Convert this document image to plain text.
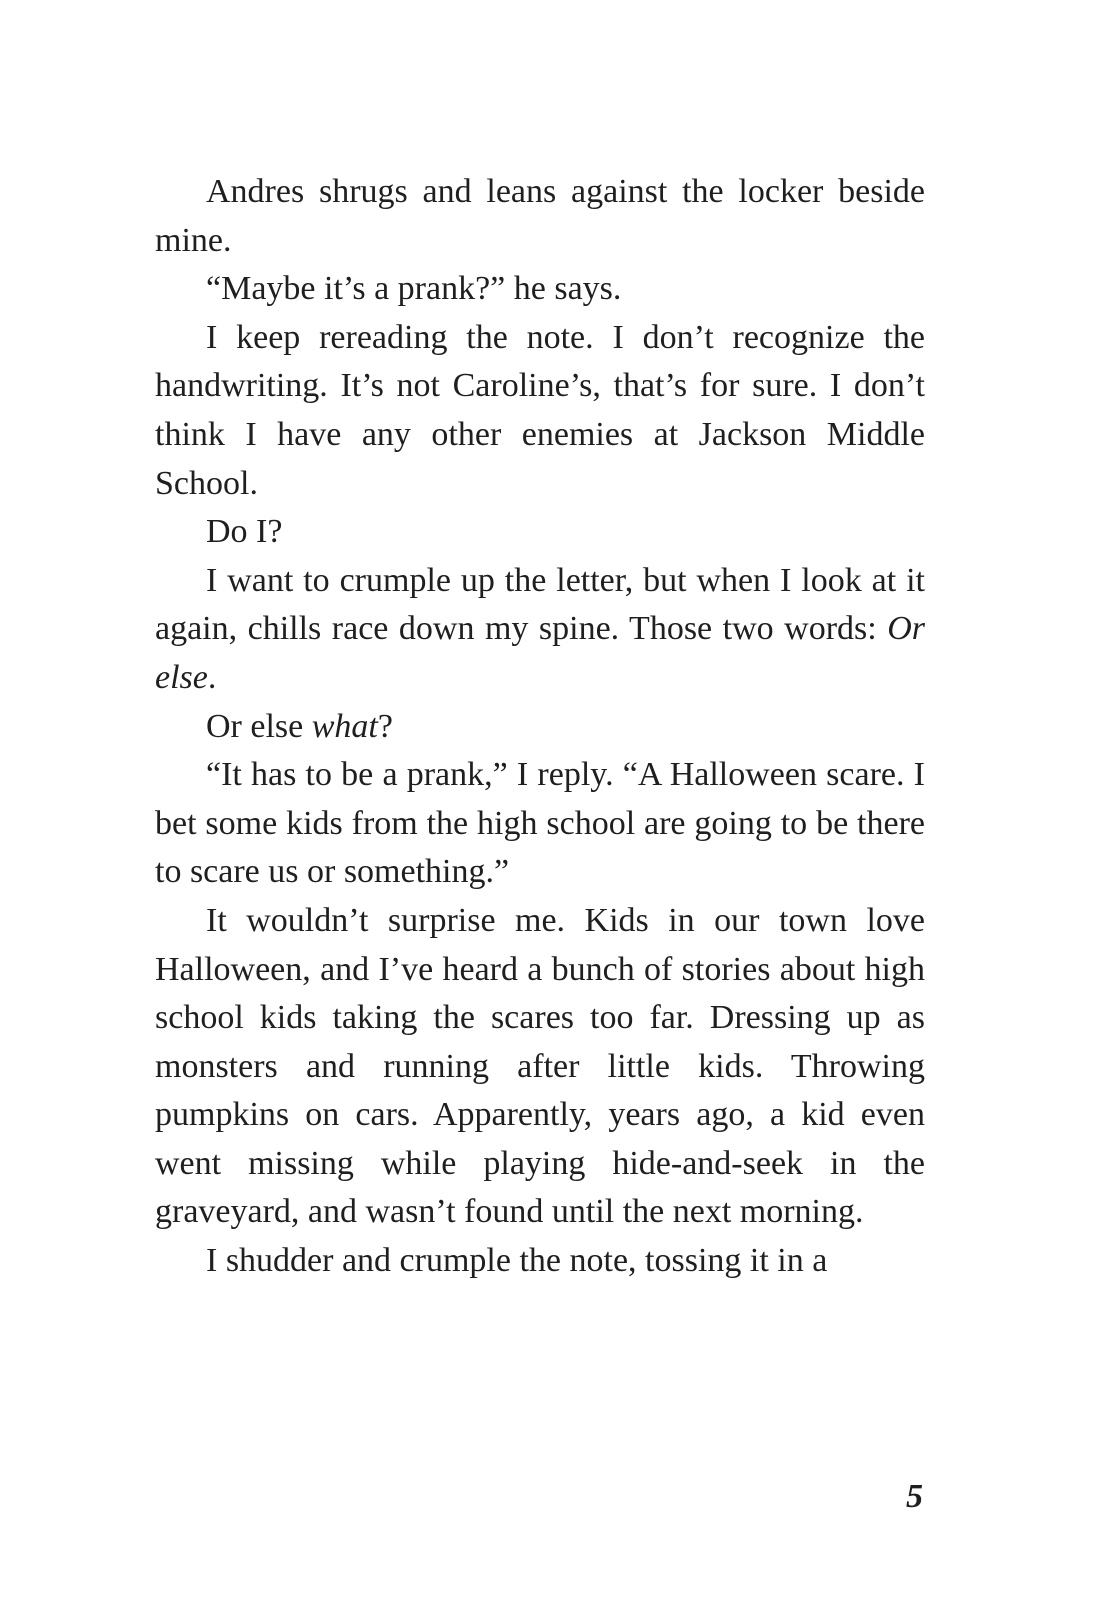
Andres shrugs and leans against the locker beside mine.

“Maybe it’s a prank?” he says.

I keep rereading the note. I don’t recognize the handwriting. It’s not Caroline’s, that’s for sure. I don’t think I have any other enemies at Jackson Middle School.

Do I?

I want to crumple up the letter, but when I look at it again, chills race down my spine. Those two words: Or else.

Or else what?

“It has to be a prank,” I reply. “A Halloween scare. I bet some kids from the high school are going to be there to scare us or something.”

It wouldn’t surprise me. Kids in our town love Halloween, and I’ve heard a bunch of stories about high school kids taking the scares too far. Dressing up as monsters and running after little kids. Throwing pumpkins on cars. Apparently, years ago, a kid even went missing while playing hide-and-seek in the graveyard, and wasn’t found until the next morning.

I shudder and crumple the note, tossing it in a

5
